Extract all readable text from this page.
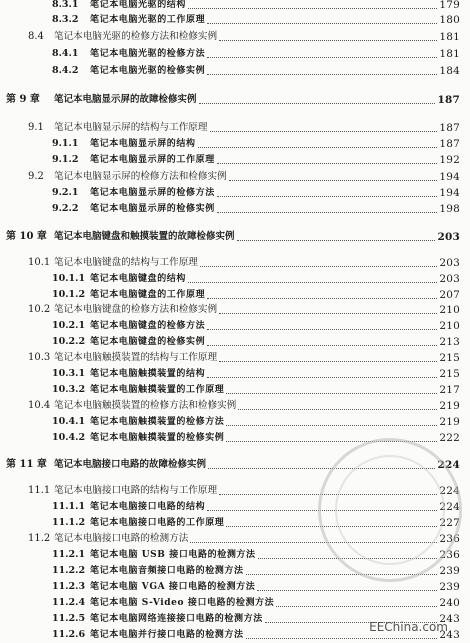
8.3.1	笔记本电脑光驱的结构	179
8.3.2	笔记本电脑光驱的工作原理	180
8.4	笔记本电脑光驱的检修方法和检修实例	181
8.4.1	笔记本电脑光驱的检修方法	181
8.4.2	笔记本电脑光驱的检修实例	184
第 9 章	笔记本电脑显示屏的故障检修实例	187
9.1	笔记本电脑显示屏的结构与工作原理	187
9.1.1	笔记本电脑显示屏的结构	187
9.1.2	笔记本电脑显示屏的工作原理	192
9.2	笔记本电脑显示屏的检修方法和检修实例	194
9.2.1	笔记本电脑显示屏的检修方法	194
9.2.2	笔记本电脑显示屏的检修实例	198
第 10 章 笔记本电脑键盘和触摸装置的故障检修实例	203
10.1 笔记本电脑键盘的结构与工作原理	203
10.1.1 笔记本电脑键盘的结构	203
10.1.2 笔记本电脑键盘的工作原理	207
10.2 笔记本电脑键盘的检修方法和检修实例	210
10.2.1 笔记本电脑键盘的检修方法	210
10.2.2 笔记本电脑键盘的检修实例	213
10.3 笔记本电脑触摸装置的结构与工作原理	215
10.3.1 笔记本电脑触摸装置的结构	215
10.3.2 笔记本电脑触摸装置的工作原理	217
10.4 笔记本电脑触摸装置的检修方法和检修实例	219
10.4.1 笔记本电脑触摸装置的检修方法	219
10.4.2 笔记本电脑触摸装置的检修实例	222
第 11 章 笔记本电脑接口电路的故障检修实例	224
11.1 笔记本电脑接口电路的结构与工作原理	224
11.1.1 笔记本电脑接口电路的结构	224
11.1.2 笔记本电脑接口电路的工作原理	227
11.2 笔记本电脑接口电路的检测方法	236
11.2.1 笔记本电脑 USB 接口电路的检测方法	236
11.2.2 笔记本电脑音频接口电路的检测方法	239
11.2.3 笔记本电脑 VGA 接口电路的检测方法	239
11.2.4 笔记本电脑 S-Video 接口电路的检测方法	240
11.2.5 笔记本电脑网络连接接口电路的检测方法	243
11.2.6 笔记本电脑并行接口电路的检测方法	243
EEChina.com
